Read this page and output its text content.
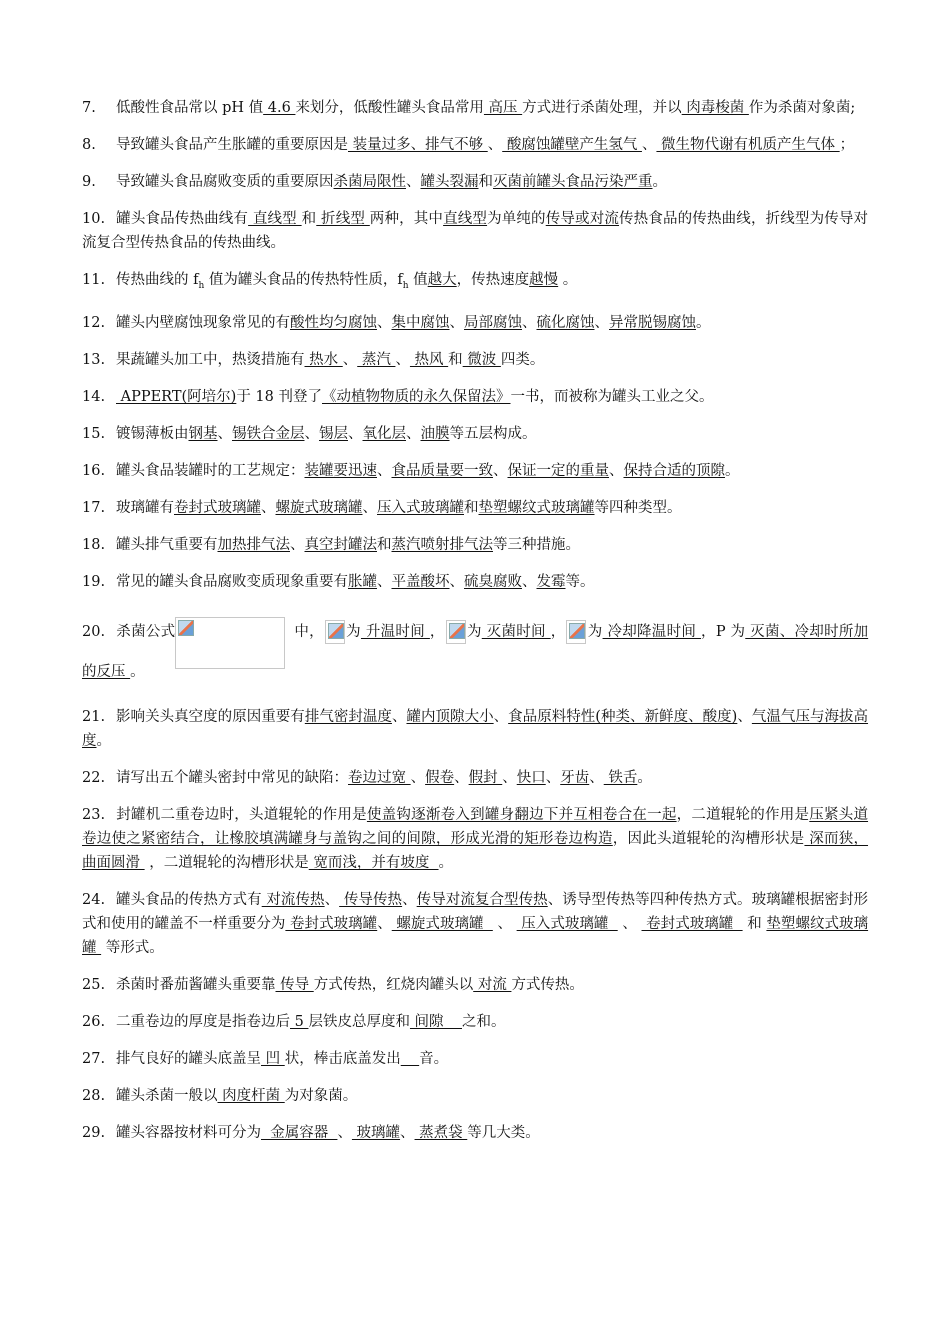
7. 低酸性食品常以 pH 值 4.6 来划分，低酸性罐头食品常用 高压 方式进行杀菌处理，并以 肉毒梭菌 作为杀菌对象菌;
8. 导致罐头食品产生胀罐的重要原因是 装量过多、排气不够 、 酸腐蚀罐壁产生氢气 、 微生物代谢有机质产生气体 ；
9. 导致罐头食品腐败变质的重要原因杀菌局限性、罐头裂漏和灭菌前罐头食品污染严重。
10. 罐头食品传热曲线有 直线型 和 折线型 两种，其中直线型为单纯的传导或对流传热食品的传热曲线，折线型为传导对流复合型传热食品的传热曲线。
11. 传热曲线的 $f_h$ 值为罐头食品的传热特性质，$f_h$ 值越大，传热速度越慢 。
12. 罐头内壁腐蚀现象常见的有酸性均匀腐蚀、集中腐蚀、局部腐蚀、硫化腐蚀、异常脱锡腐蚀。
13. 果蔬罐头加工中，热烫措施有 热水 、 蒸汽 、 热风 和 微波 四类。
14. APPERT(阿培尔)于 18 刊登了《动植物物质的永久保留法》一书，而被称为罐头工业之父。
15. 镀锡薄板由钢基、锡铁合金层、锡层、氧化层、油膜等五层构成。
16. 罐头食品装罐时的工艺规定：装罐要迅速、食品质量要一致、保证一定的重量、保持合适的顶隙。
17. 玻璃罐有卷封式玻璃罐、螺旋式玻璃罐、压入式玻璃罐和垫塑螺纹式玻璃罐等四种类型。
18. 罐头排气重要有加热排气法、真空封罐法和蒸汽喷射排气法等三种措施。
19. 常见的罐头食品腐败变质现象重要有胀罐、平盖酸坏、硫臭腐败、发霉等。
20. 杀菌公式	中， 为 升温时间 ， 为 灭菌时间 ， 为 冷却降温时间 ，P 为 灭菌、冷却时所加的反压 。
21. 影响关头真空度的原因重要有排气密封温度、罐内顶隙大小、食品原料特性(种类、新鲜度、酸度)、气温气压与海拔高度。
22. 请写出五个罐头密封中常见的缺陷：卷边过宽 、假卷、假封 、快口、牙齿、 铁舌。
23. 封罐机二重卷边时，头道辊轮的作用是使盖钩逐渐卷入到罐身翻边下并互相卷合在一起，二道辊轮的作用是压紧头道卷边使之紧密结合，让橡胶填满罐身与盖钩之间的间隙，形成光滑的矩形卷边构造，因此头道辊轮的沟槽形状是 深而狭，曲面圆滑  ，二道辊轮的沟槽形状是 宽而浅，并有坡度  。
24. 罐头食品的传热方式有 对流传热、 传导传热、传导对流复合型传热、诱导型传热等四种传热方式。玻璃罐根据密封形式和使用的罐盖不一样重要分为 卷封式玻璃罐、 螺旋式玻璃罐   、  压入式玻璃罐   、  卷封式玻璃罐   和 垫塑螺纹式玻璃罐  等形式。
25. 杀菌时番茄酱罐头重要靠 传导 方式传热，红烧肉罐头以 对流 方式传热。
26. 二重卷边的厚度是指卷边后 5 层铁皮总厚度和 间隙    之和。
27. 排气良好的罐头底盖呈 凹 状，棒击底盖发出 音。
28. 罐头杀菌一般以 肉度杆菌 为对象菌。
29. 罐头容器按材料可分为  金属容器  、 玻璃罐、 蒸煮袋 等几大类。
